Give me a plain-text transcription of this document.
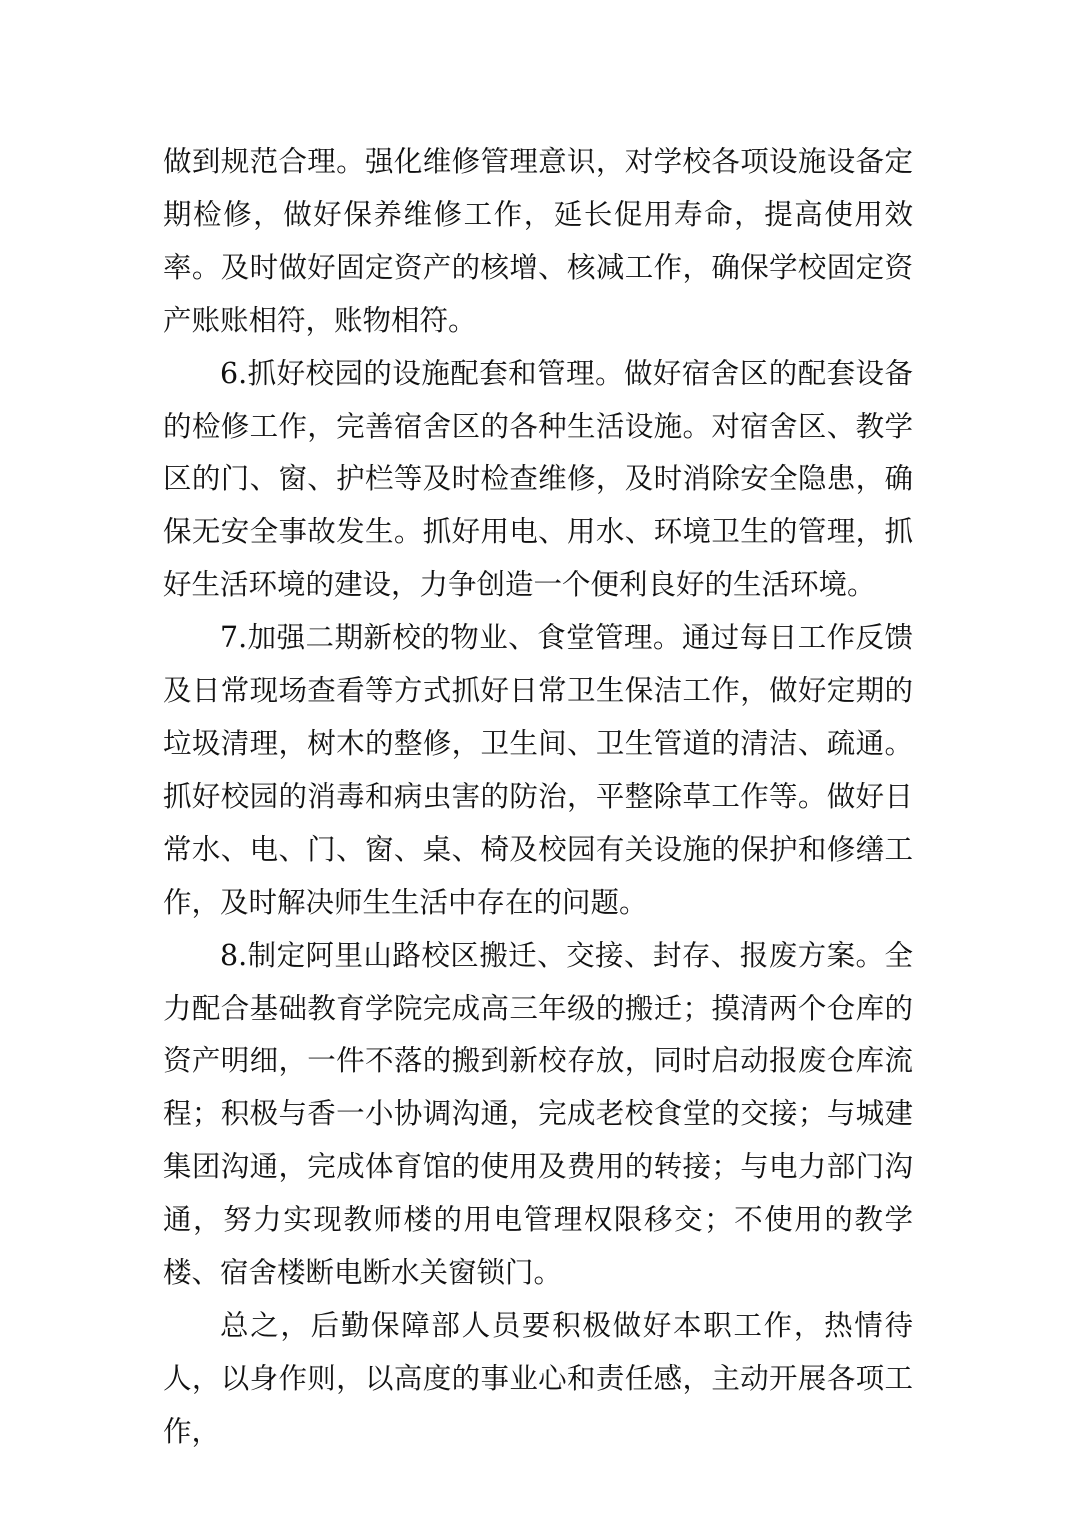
做到规范合理。强化维修管理意识，对学校各项设施设备定期检修，做好保养维修工作，延长促用寿命，提高使用效率。及时做好固定资产的核增、核减工作，确保学校固定资产账账相符，账物相符。

6.抓好校园的设施配套和管理。做好宿舍区的配套设备的检修工作，完善宿舍区的各种生活设施。对宿舍区、教学区的门、窗、护栏等及时检查维修，及时消除安全隐患，确保无安全事故发生。抓好用电、用水、环境卫生的管理，抓好生活环境的建设，力争创造一个便利良好的生活环境。

7.加强二期新校的物业、食堂管理。通过每日工作反馈及日常现场查看等方式抓好日常卫生保洁工作，做好定期的垃圾清理，树木的整修，卫生间、卫生管道的清洁、疏通。抓好校园的消毒和病虫害的防治，平整除草工作等。做好日常水、电、门、窗、桌、椅及校园有关设施的保护和修缮工作，及时解决师生生活中存在的问题。

8.制定阿里山路校区搬迁、交接、封存、报废方案。全力配合基础教育学院完成高三年级的搬迁；摸清两个仓库的资产明细，一件不落的搬到新校存放，同时启动报废仓库流程；积极与香一小协调沟通，完成老校食堂的交接；与城建集团沟通，完成体育馆的使用及费用的转接；与电力部门沟通，努力实现教师楼的用电管理权限移交；不使用的教学楼、宿舍楼断电断水关窗锁门。

总之，后勤保障部人员要积极做好本职工作，热情待人，以身作则，以高度的事业心和责任感，主动开展各项工作，
